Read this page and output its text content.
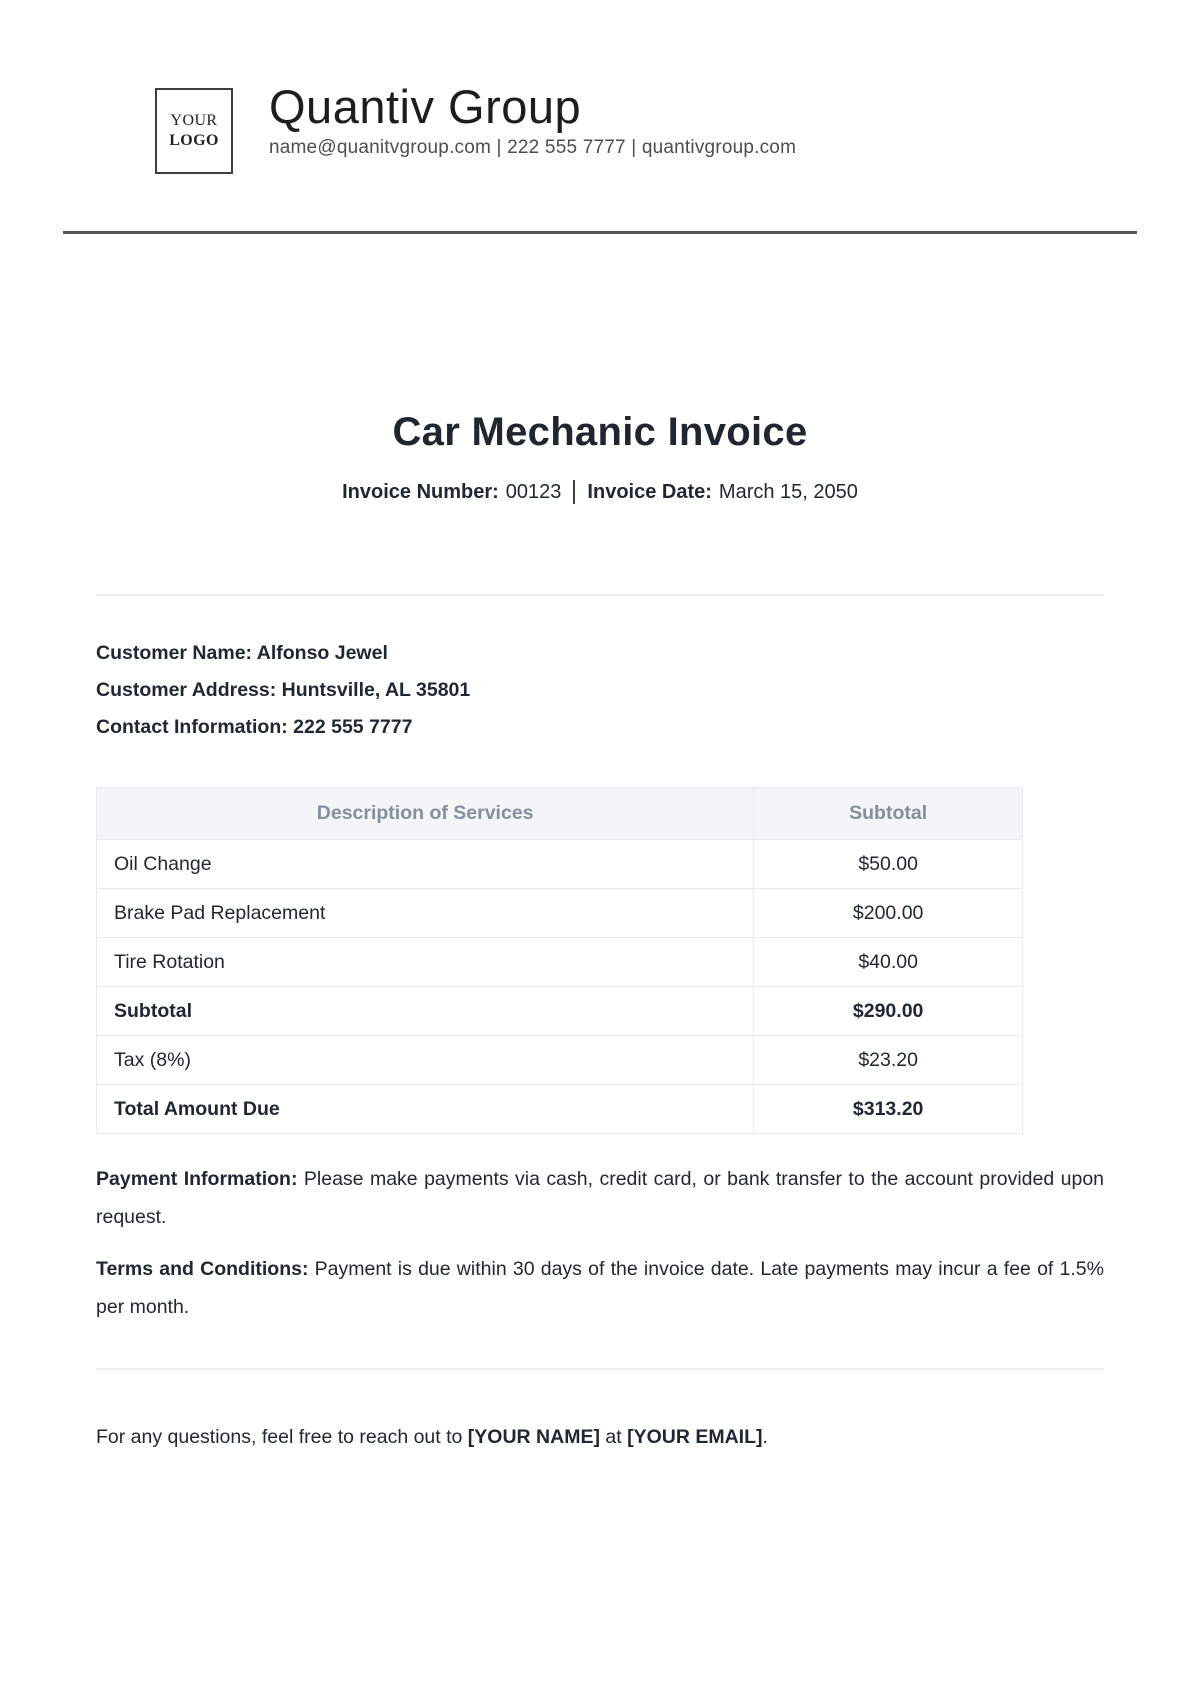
YOUR
LOGO
Quantiv Group
name@quanitvgroup.com | 222 555 7777 | quantivgroup.com
Car Mechanic Invoice
Invoice Number: 00123 Invoice Date: March 15, 2050
Customer Name: Alfonso Jewel
Customer Address: Huntsville, AL 35801
Contact Information: 222 555 7777
Description of Services	Subtotal
Oil Change	$50.00
Brake Pad Replacement	$200.00
Tire Rotation	$40.00
Subtotal	$290.00
Tax (8%)	$23.20
Total Amount Due	$313.20
Payment Information: Please make payments via cash, credit card, or bank transfer to the account provided upon request.
Terms and Conditions: Payment is due within 30 days of the invoice date. Late payments may incur a fee of 1.5% per month.
For any questions, feel free to reach out to [YOUR NAME] at [YOUR EMAIL].
